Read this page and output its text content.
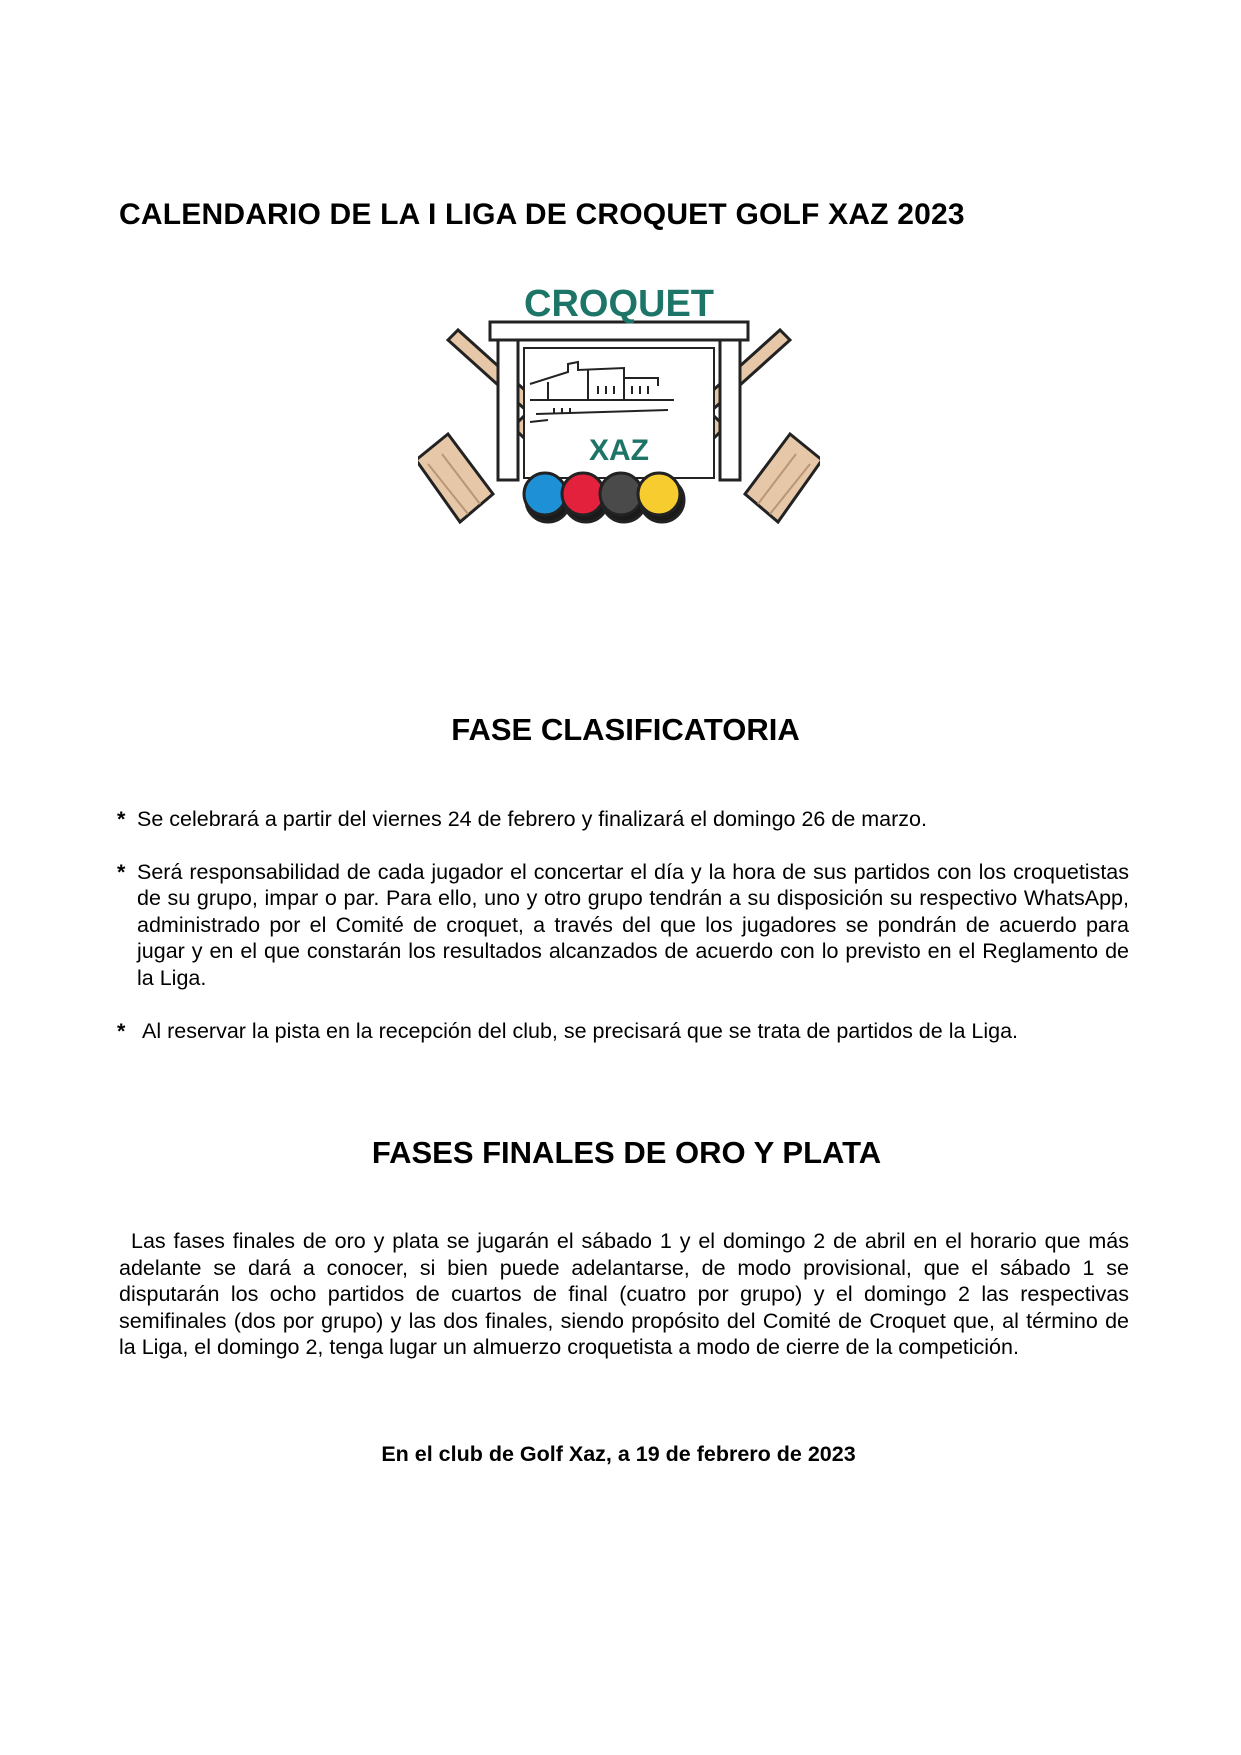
CALENDARIO DE LA I LIGA DE CROQUET GOLF XAZ 2023
CROQUET
XAZ
FASE CLASIFICATORIA
* Se celebrará a partir del viernes 24 de febrero y finalizará el domingo 26 de marzo.
* Será responsabilidad de cada jugador el concertar el día y la hora de sus partidos con los croquetistas de su grupo, impar o par. Para ello, uno y otro grupo tendrán a su disposición su respectivo WhatsApp, administrado por el Comité de croquet, a través del que los jugadores se pondrán de acuerdo para jugar y en el que constarán los resultados alcanzados de acuerdo con lo previsto en el Reglamento de la Liga.
* Al reservar la pista en la recepción del club, se precisará que se trata de partidos de la Liga.
FASES FINALES DE ORO Y PLATA

Las fases finales de oro y plata se jugarán el sábado 1 y el domingo 2 de abril en el horario que más adelante se dará a conocer, si bien puede adelantarse, de modo provisional, que el sábado 1 se disputarán los ocho partidos de cuartos de final (cuatro por grupo) y el domingo 2 las respectivas semifinales (dos por grupo) y las dos finales, siendo propósito del Comité de Croquet que, al término de la Liga, el domingo 2, tenga lugar un almuerzo croquetista a modo de cierre de la competición.

En el club de Golf Xaz, a 19 de febrero de 2023
